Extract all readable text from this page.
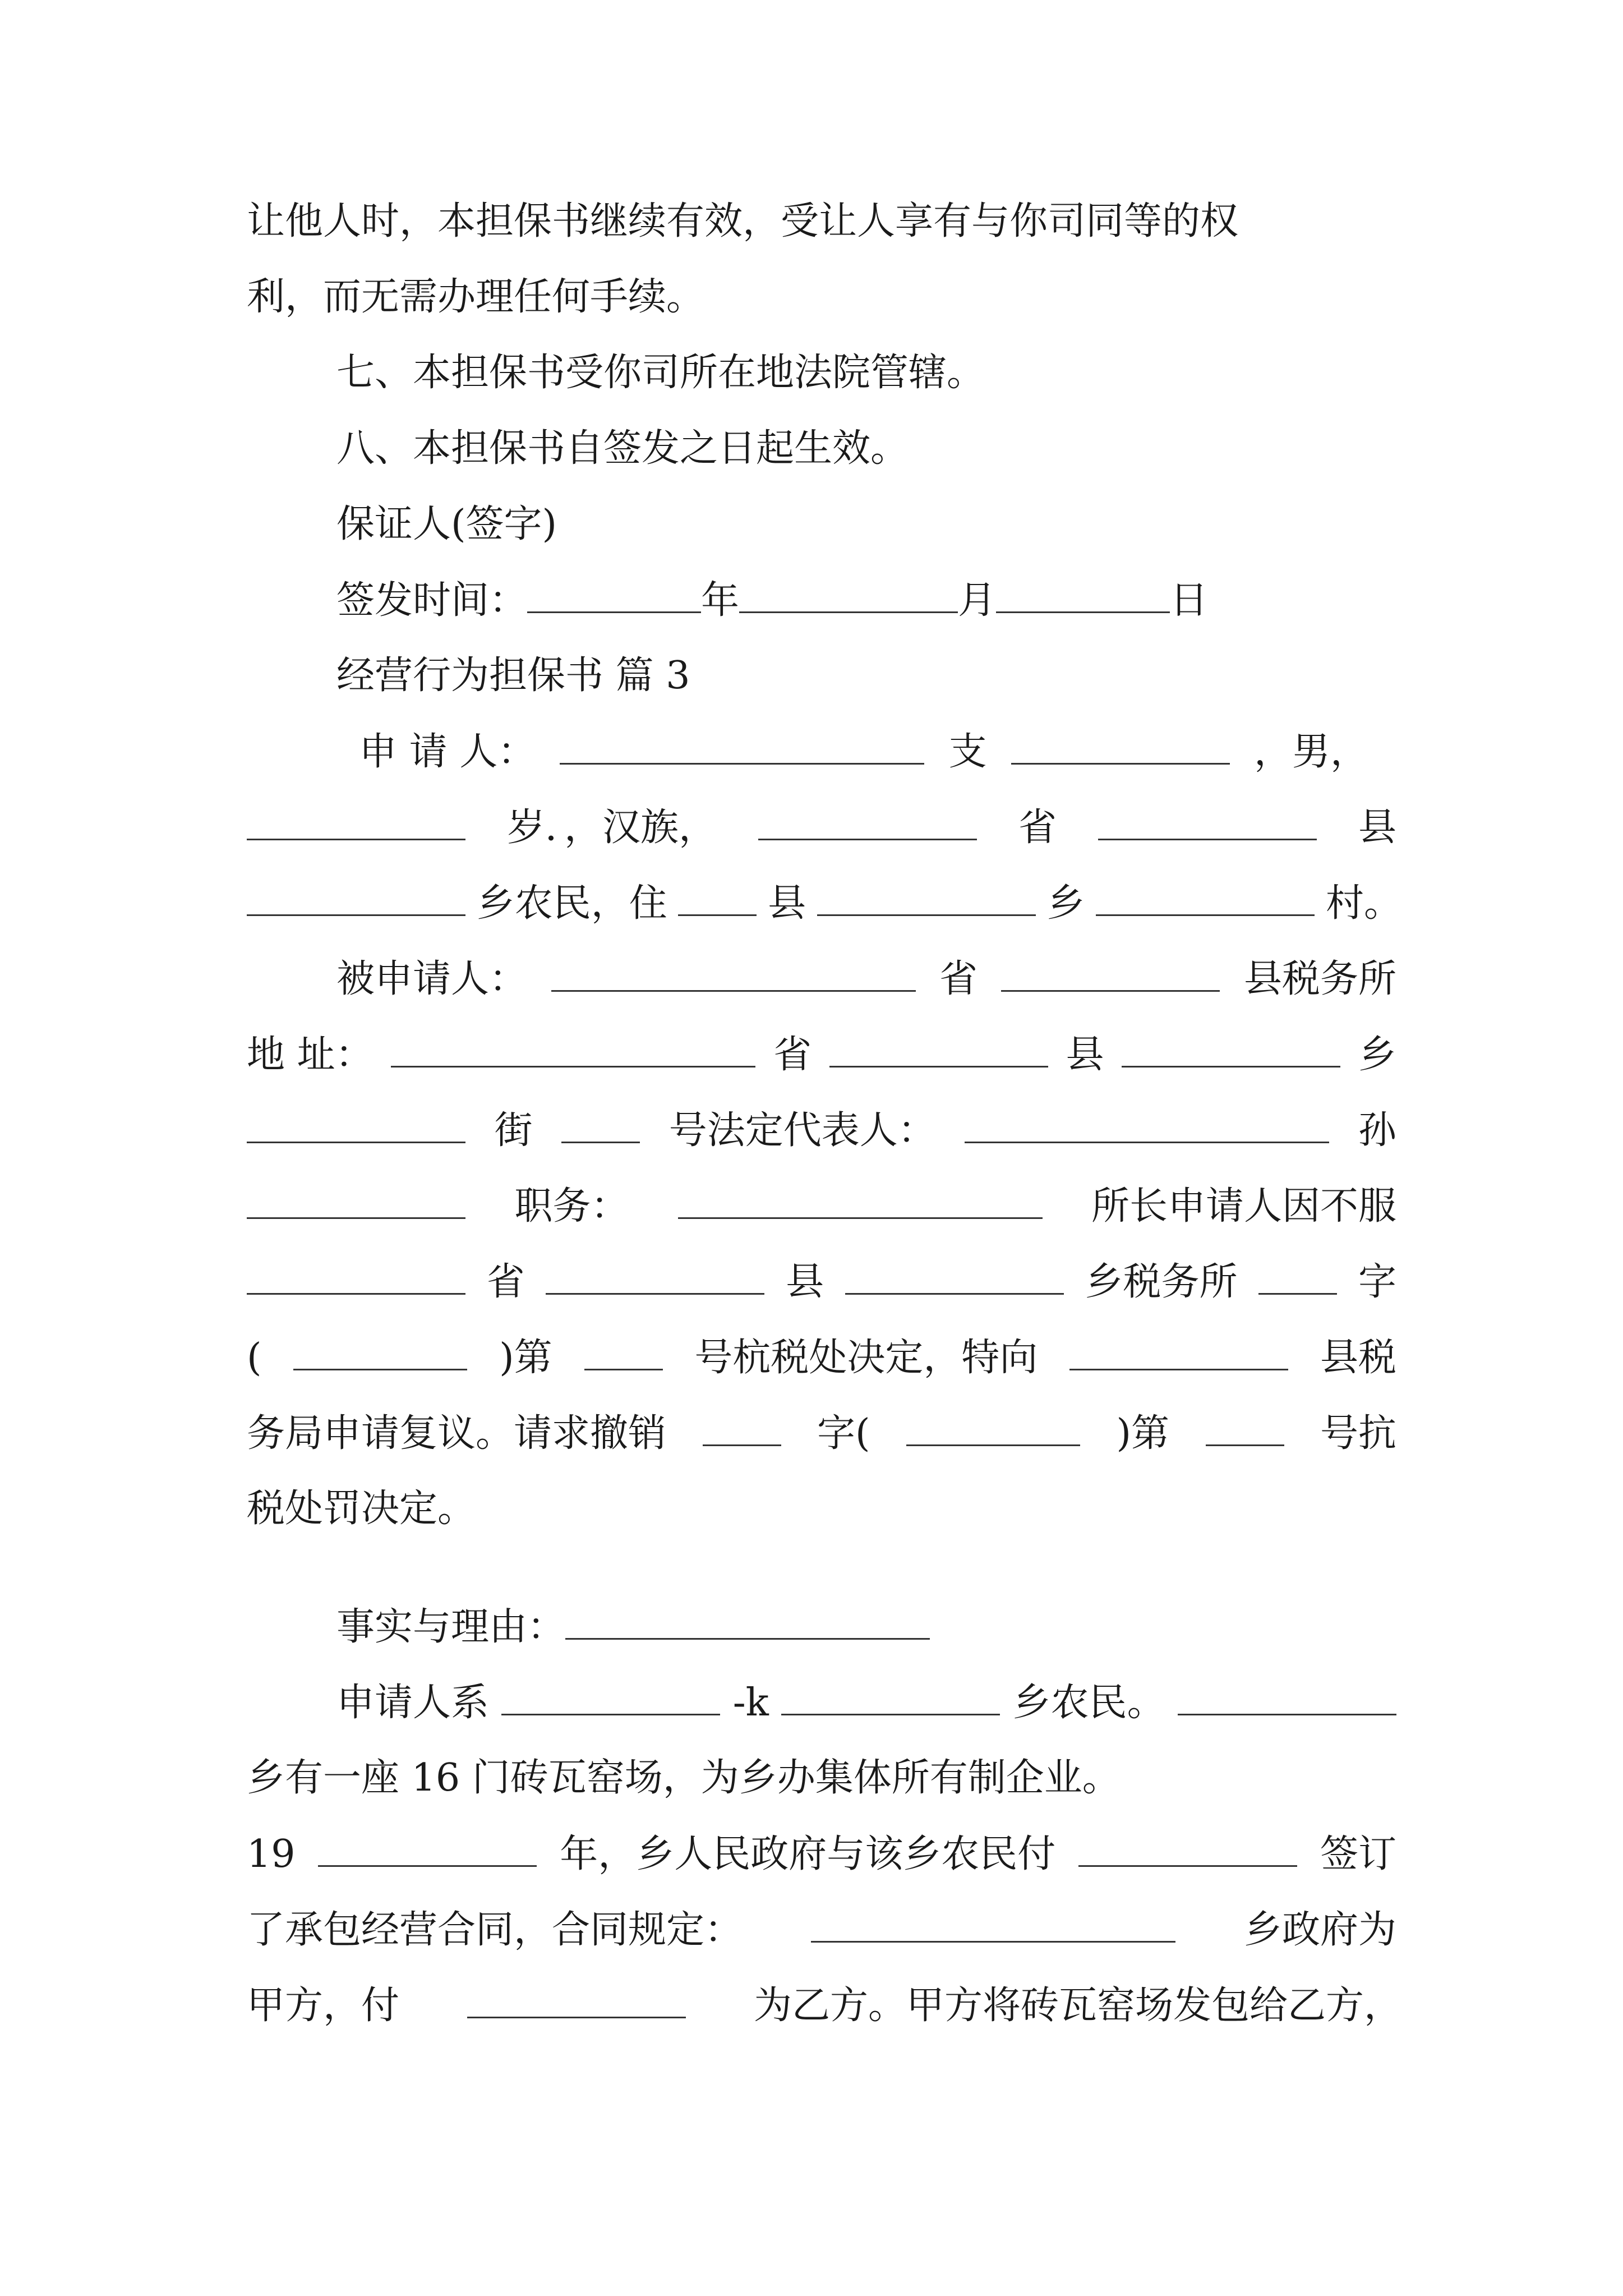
让他人时，本担保书继续有效，受让人享有与你司同等的权
利，而无需办理任何手续。
七、本担保书受你司所在地法院管辖。
八、本担保书自签发之日起生效。
保证人(签字)
签发时间：	年	月	日
经营行为担保书 篇 3
申 请 人：	支	，男，
岁．，汉族，	省	县
乡农民，住	县	乡	村。
被申请人：	省	县税务所
地 址：	省	县	乡
街	号法定代表人：	孙
职务：	所长申请人因不服
省	县	乡税务所	字
(	)第	号杭税处决定，特向	县税
务局申请复议。请求撤销	字(	)第	号抗
税处罚决定。
事实与理由：
申请人系	-k	乡农民。
乡有一座 16 门砖瓦窑场，为乡办集体所有制企业。
19	年，乡人民政府与该乡农民付	签订
了承包经营合同，合同规定：	乡政府为
甲方，付	为乙方。甲方将砖瓦窑场发包给乙方，
